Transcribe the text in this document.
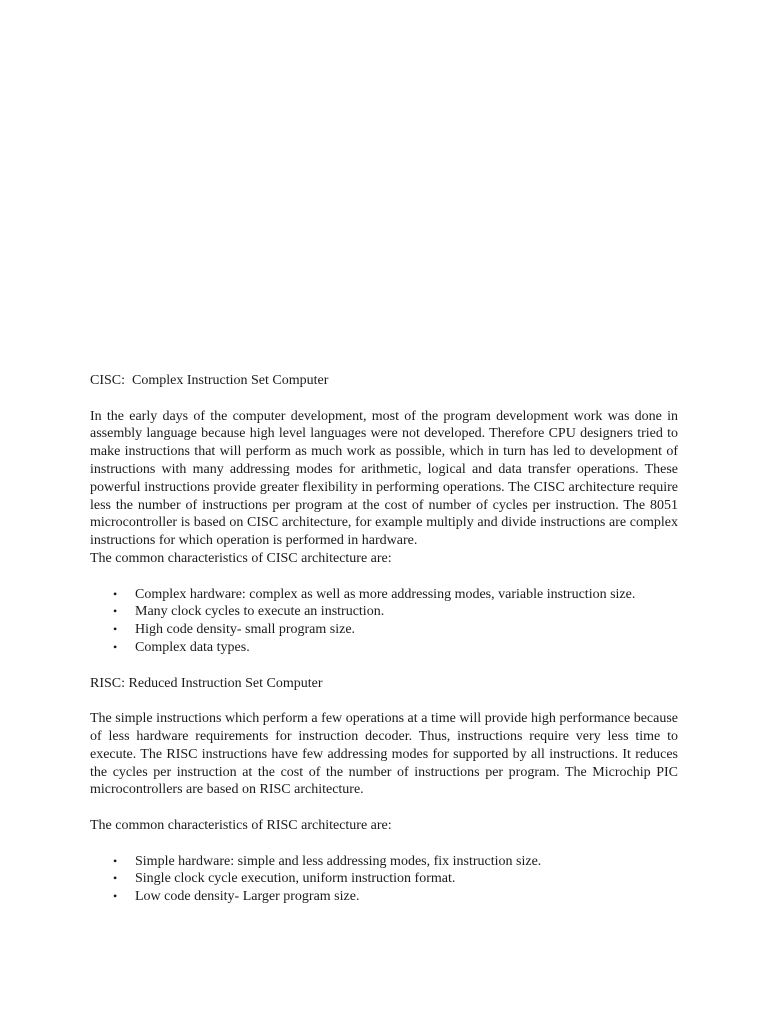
CISC:  Complex Instruction Set Computer

In the early days of the computer development, most of the program development work was done in assembly language because high level languages were not developed. Therefore CPU designers tried to make instructions that will perform as much work as possible, which in turn has led to development of instructions with many addressing modes for arithmetic, logical and data transfer operations. These powerful instructions provide greater flexibility in performing operations. The CISC architecture require less the number of instructions per program at the cost of number of cycles per instruction. The 8051 microcontroller is based on CISC architecture, for example multiply and divide instructions are complex instructions for which operation is performed in hardware.

The common characteristics of CISC architecture are:

• Complex hardware: complex as well as more addressing modes, variable instruction size.
• Many clock cycles to execute an instruction.
• High code density- small program size.
• Complex data types.

RISC: Reduced Instruction Set Computer

The simple instructions which perform a few operations at a time will provide high performance because of less hardware requirements for instruction decoder. Thus, instructions require very less time to execute. The RISC instructions have few addressing modes for supported by all instructions. It reduces the cycles per instruction at the cost of the number of instructions per program. The Microchip PIC microcontrollers are based on RISC architecture.

The common characteristics of RISC architecture are:

• Simple hardware: simple and less addressing modes, fix instruction size.
• Single clock cycle execution, uniform instruction format.
• Low code density- Larger program size.
